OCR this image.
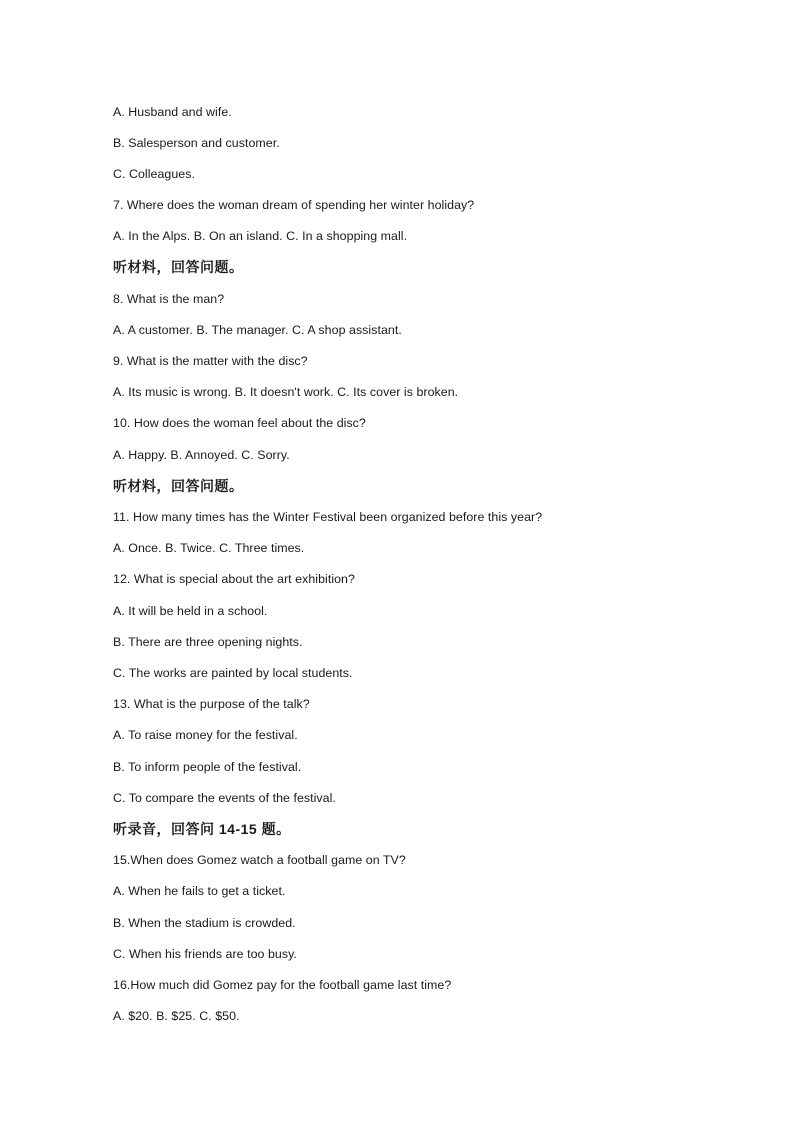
A. Husband and wife.
B. Salesperson and customer.
C. Colleagues.
7. Where does the woman dream of spending her winter holiday?
A. In the Alps. B. On an island. C. In a shopping mall.
听材料，回答问题。
8. What is the man?
A. A customer. B. The manager. C. A shop assistant.
9. What is the matter with the disc?
A. Its music is wrong. B. It doesn't work. C. Its cover is broken.
10. How does the woman feel about the disc?
A. Happy. B. Annoyed. C. Sorry.
听材料，回答问题。
11. How many times has the Winter Festival been organized before this year?
A. Once. B. Twice. C. Three times.
12. What is special about the art exhibition?
A. It will be held in a school.
B. There are three opening nights.
C. The works are painted by local students.
13. What is the purpose of the talk?
A. To raise money for the festival.
B. To inform people of the festival.
C. To compare the events of the festival.
听录音，回答问 14-15 题。
15.When does Gomez watch a football game on TV?
A. When he fails to get a ticket.
B. When the stadium is crowded.
C. When his friends are too busy.
16.How much did Gomez pay for the football game last time?
A. $20. B. $25. C. $50.
